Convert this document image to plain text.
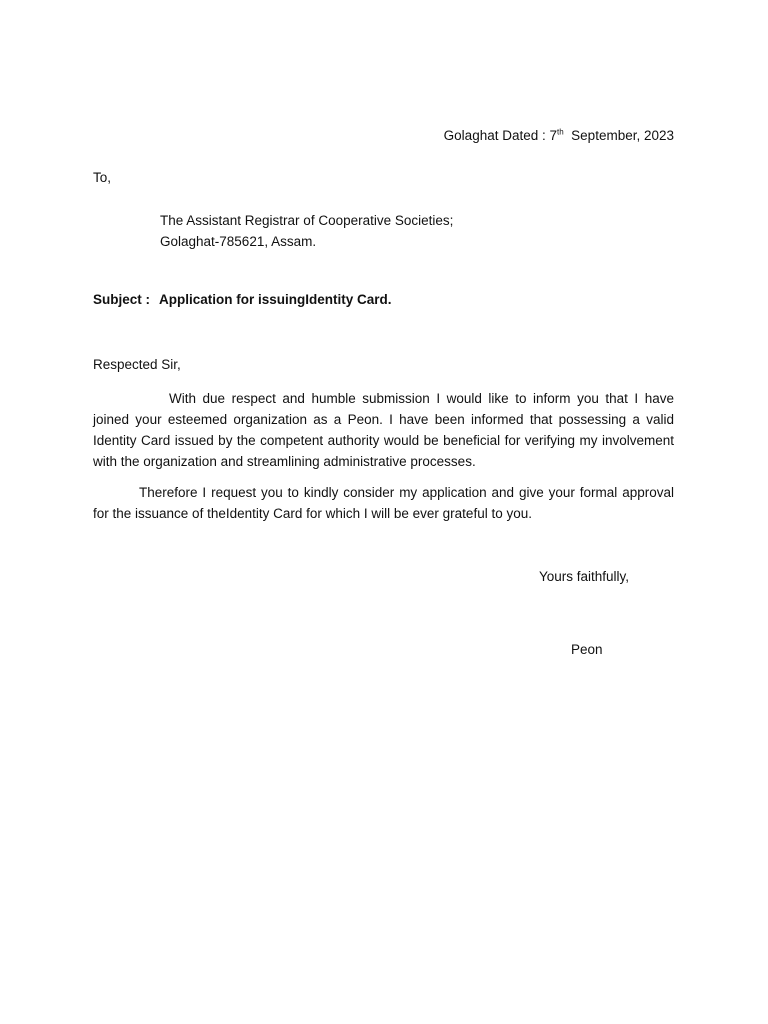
Golaghat Dated : 7th  September, 2023
To,
The Assistant Registrar of Cooperative Societies;
Golaghat-785621, Assam.
Subject : Application for issuingIdentity Card.
Respected Sir,

With due respect and humble submission I would like to inform you that I have joined your esteemed organization as a Peon. I have been informed that possessing a valid Identity Card issued by the competent authority would be beneficial for verifying my involvement with the organization and streamlining administrative processes.

Therefore I request you to kindly consider my application and give your formal approval for the issuance of theIdentity Card for which I will be ever grateful to you.

Yours faithfully,
Peon
